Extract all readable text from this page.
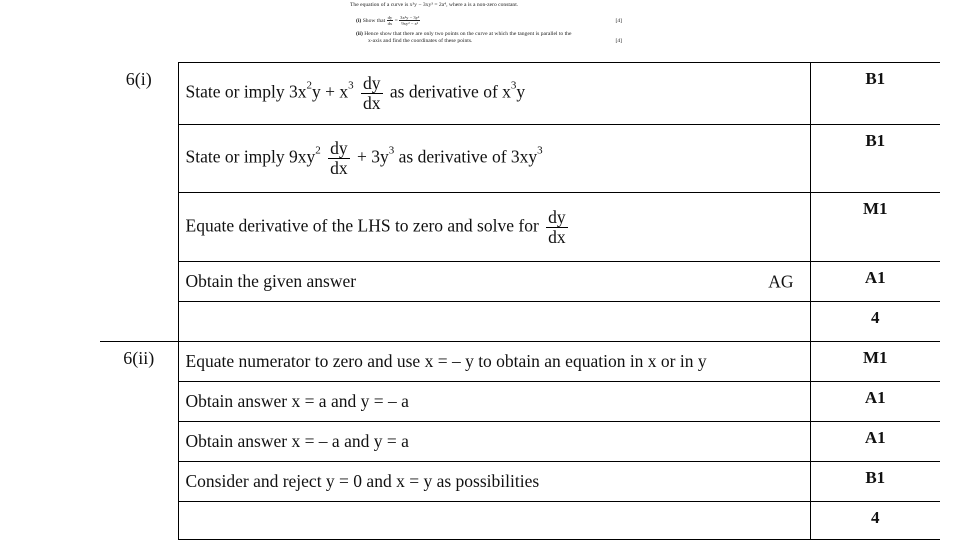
The equation of a curve is x³y − 3xy³ = 2a⁴, where a is a non-zero constant.
(i) Show that $\frac{dy}{dx} = \frac{\text{3x²y − 3y³}}{\text{9xy² − x³}}$	[4]
(ii) Hence show that there are only two points on the curve at which the tangent is parallel to the
x-axis and find the coordinates of these points.	[4]
6(i)	State or imply $3x^2y + x^3 \frac{dy}{dx}$ as derivative of $x^3y$	B1
	State or imply $9xy^2 \frac{dy}{dx} + 3y^3$ as derivative of $3xy^3$	B1
	Equate derivative of the LHS to zero and solve for $\frac{dy}{dx}$	M1
	Obtain the given answer AG	A1
		4
6(ii)	Equate numerator to zero and use x = – y to obtain an equation in x or in y	M1
	Obtain answer x = a and y = – a	A1
	Obtain answer x = – a and y = a	A1
	Consider and reject y = 0 and x = y as possibilities	B1
		4
